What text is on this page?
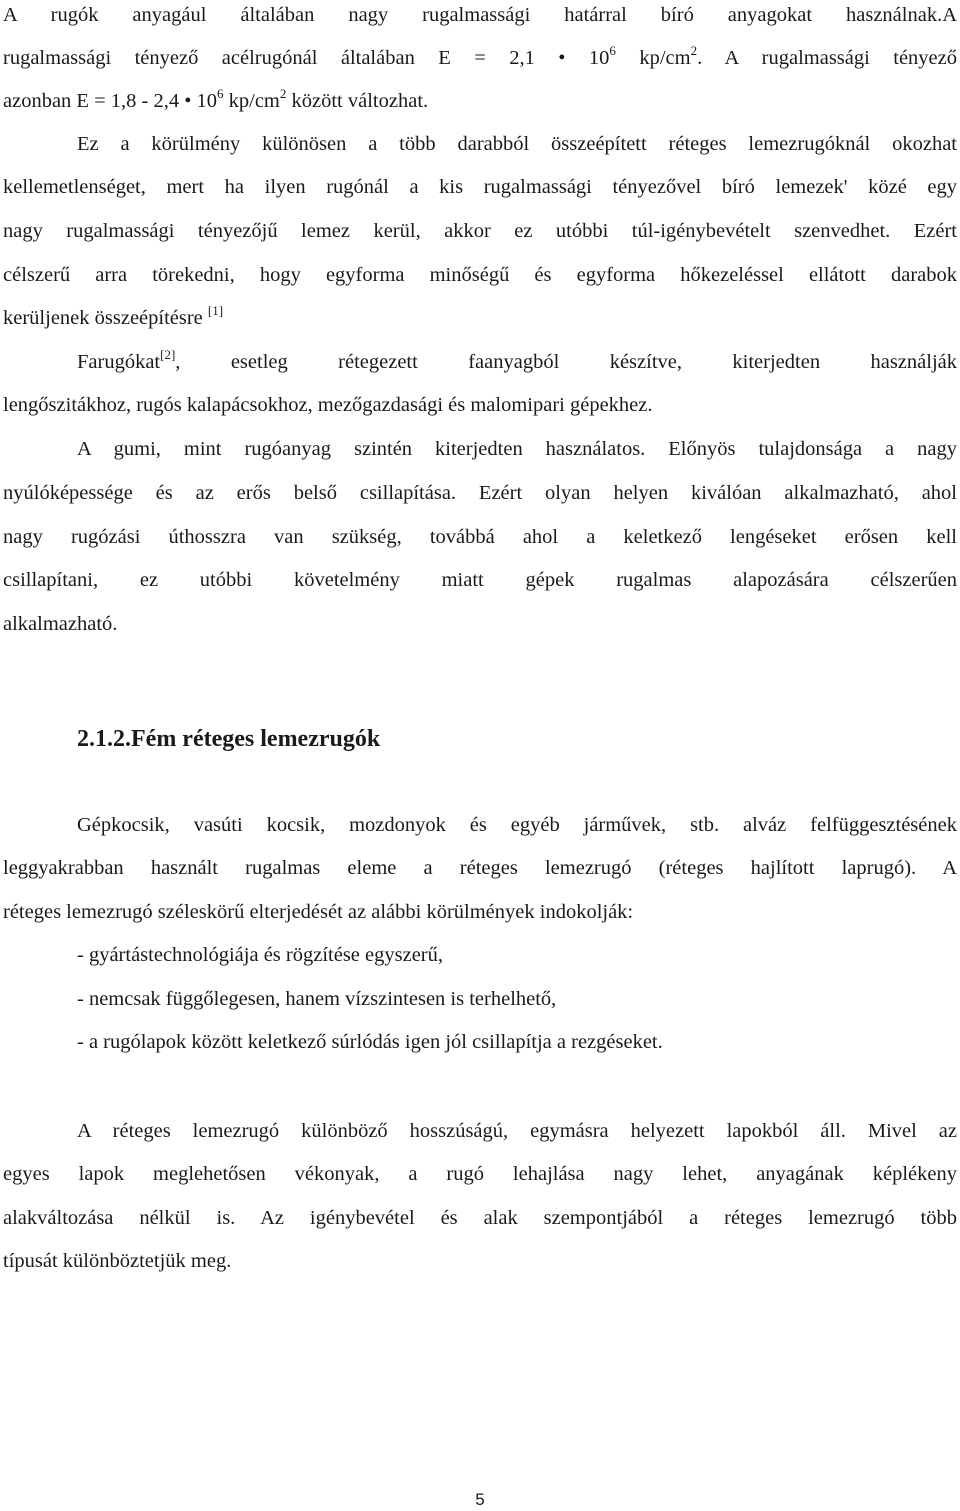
A rugók anyagául általában nagy rugalmassági határral bíró anyagokat használnak.A
rugalmassági tényező acélrugónál általában E = 2,1 • $10^6$ $kp/cm^2$. A rugalmassági tényező
azonban E = 1,8 - 2,4 • $10^6$ $kp/cm^2$ között változhat.
Ez a körülmény különösen a több darabból összeépített réteges lemezrugóknál okozhat
kellemetlenséget, mert ha ilyen rugónál a kis rugalmassági tényezővel bíró lemezek' közé egy
nagy rugalmassági tényezőjű lemez kerül, akkor ez utóbbi túl-igénybevételt szenvedhet. Ezért
célszerű arra törekedni, hogy egyforma minőségű és egyforma hőkezeléssel ellátott darabok
kerüljenek összeépítésre [1]
Farugókat[2], esetleg rétegezett faanyagból készítve, kiterjedten használják
lengőszitákhoz, rugós kalapácsokhoz, mezőgazdasági és malomipari gépekhez.
A gumi, mint rugóanyag szintén kiterjedten használatos. Előnyös tulajdonsága a nagy
nyúlóképessége és az erős belső csillapítása. Ezért olyan helyen kiválóan alkalmazható, ahol
nagy rugózási úthosszra van szükség, továbbá ahol a keletkező lengéseket erősen kell
csillapítani, ez utóbbi követelmény miatt gépek rugalmas alapozására célszerűen
alkalmazható.
2.1.2.Fém réteges lemezrugók
Gépkocsik, vasúti kocsik, mozdonyok és egyéb járművek, stb. alváz felfüggesztésének
leggyakrabban használt rugalmas eleme a réteges lemezrugó (réteges hajlított laprugó). A
réteges lemezrugó széleskörű elterjedését az alábbi körülmények indokolják:
- gyártástechnológiája és rögzítése egyszerű,
- nemcsak függőlegesen, hanem vízszintesen is terhelhető,
- a rugólapok között keletkező súrlódás igen jól csillapítja a rezgéseket.
A réteges lemezrugó különböző hosszúságú, egymásra helyezett lapokból áll. Mivel az
egyes lapok meglehetősen vékonyak, a rugó lehajlása nagy lehet, anyagának képlékeny
alakváltozása nélkül is. Az igénybevétel és alak szempontjából a réteges lemezrugó több
típusát különböztetjük meg.
5
